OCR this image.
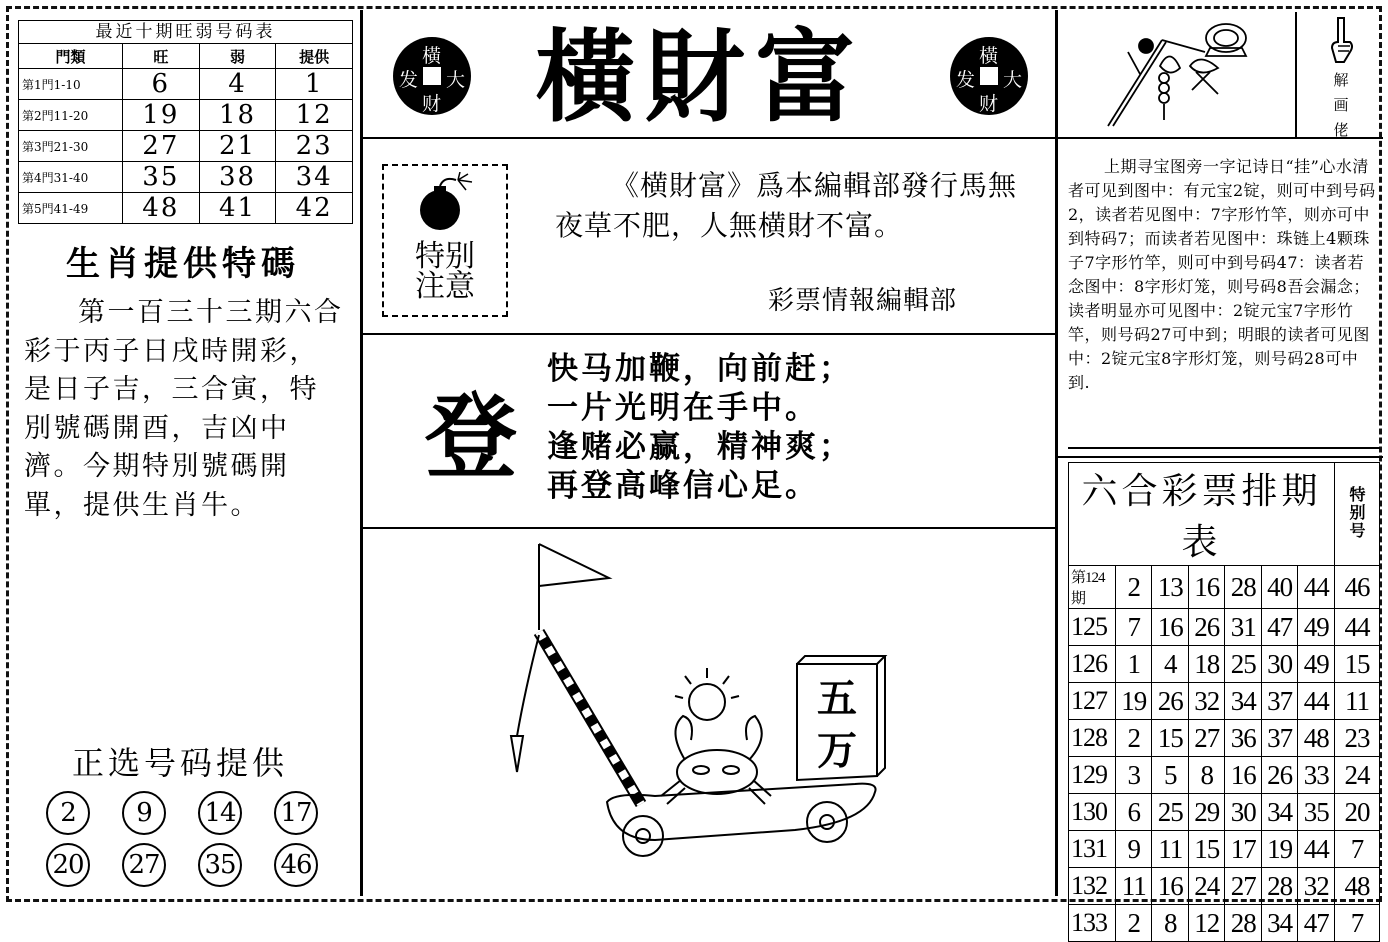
最近十期旺弱号码表
門類	旺	弱	提供
第1門1-10	6	4	1
第2門11-20	19	18	12
第3門21-30	27	21	23
第4門31-40	35	38	34
第5門41-49	48	41	42
生肖提供特碼
第一百三十三期六合彩于丙子日戌時開彩，是日子吉，三合寅，特別號碼開酉，吉凶中濟。今期特別號碼開單，提供生肖牛。
正选号码提供
2	9	14 17
20 27 35 46
橫
发 大
财 橫財富	橫
发 大
财
解
画
佬
特别
注意
《横財富》爲本編輯部發行馬無夜草不肥，人無横財不富。
彩票情報編輯部
登
快马加鞭，向前赶；
一片光明在手中。
逢赌必赢，精神爽；
再登高峰信心足。
五
万
上期寻宝图旁一字记诗日“挂”心水清者可见到图中：有元宝2锭，则可中到号码2，读者若见图中：7字形竹竿，则亦可中到特码7；而读者若见图中：珠链上4颗珠子7字形竹竿，则可中到号码47：读者若念图中：8字形灯笼，则号码8吾会漏念；读者明显亦可见图中：2锭元宝7字形竹竿，则号码27可中到；明眼的读者可见图中：2锭元宝8字形灯笼，则号码28可中到.
六合彩票排期表							特
别
号

第124期	2	13	16	28	40	44	46
125	7	16	26	31	47	49	44
126	1	4	18	25	30	49	15
127	19	26	32	34	37	44	11
128	2	15	27	36	37	48	23
129	3	5	8	16	26	33	24
130	6	25	29	30	34	35	20
131	9	11	15	17	19	44	7
132	11	16	24	27	28	32	48
133	2	8	12	28	34	47	7
